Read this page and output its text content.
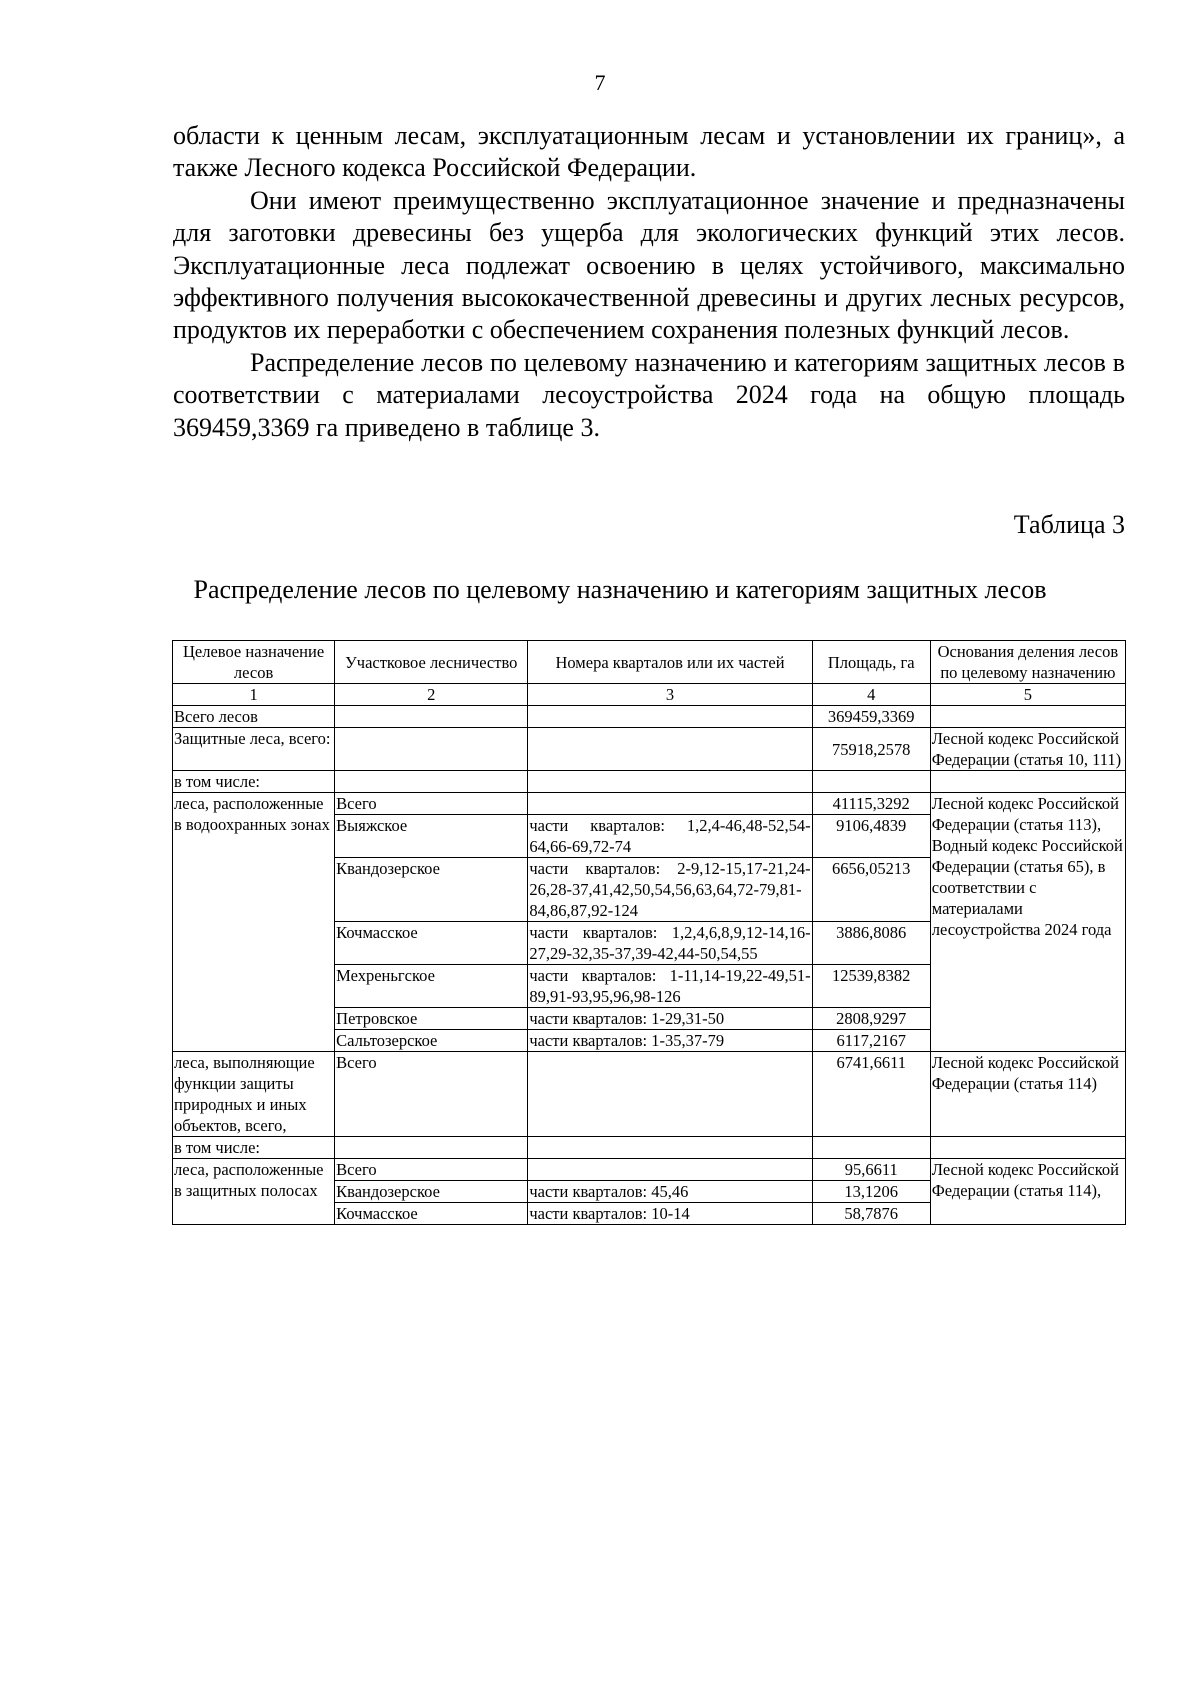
7

области к ценным лесам, эксплуатационным лесам и установлении их границ», а также Лесного кодекса Российской Федерации.

Они имеют преимущественно эксплуатационное значение и предназначены для заготовки древесины без ущерба для экологических функций этих лесов. Эксплуатационные леса подлежат освоению в целях устойчивого, максимально эффективного получения высококачественной древесины и других лесных ресурсов, продуктов их переработки с обеспечением сохранения полезных функций лесов.

Распределение лесов по целевому назначению и категориям защитных лесов в соответствии с материалами лесоустройства 2024 года на общую площадь 369459,3369 га приведено в таблице 3.

Таблица 3
Распределение лесов по целевому назначению и категориям защитных лесов
Целевое назначение лесов	Участковое лесничество	Номера кварталов или их частей	Площадь, га	Основания деления лесов по целевому назначению
1	2	3	4	5
Всего лесов			369459,3369	
Защитные леса, всего:			75918,2578	Лесной кодекс Российской Федерации (статья 10, 111)
в том числе:				
леса, расположенные в водоохранных зонах	Всего		41115,3292	Лесной кодекс Российской Федерации (статья 113), Водный кодекс Российской Федерации (статья 65), в соответствии с материалами лесоустройства 2024 года
	Выяжское	части кварталов: 1,2,4-46,48-52,54-64,66-69,72-74	9106,4839	
	Квандозерское	части кварталов: 2-9,12-15,17-21,24-26,28-37,41,42,50,54,56,63,64,72-79,81-84,86,87,92-124	6656,05213	
	Кочмасское	части кварталов: 1,2,4,6,8,9,12-14,16-27,29-32,35-37,39-42,44-50,54,55	3886,8086	
	Мехреньгское	части кварталов: 1-11,14-19,22-49,51-89,91-93,95,96,98-126	12539,8382	
	Петровское	части кварталов: 1-29,31-50	2808,9297	
	Сальтозерское	части кварталов: 1-35,37-79	6117,2167	
леса, выполняющие функции защиты природных и иных объектов, всего,	Всего		6741,6611	Лесной кодекс Российской Федерации (статья 114)
в том числе:				
леса, расположенные в защитных полосах	Всего		95,6611	Лесной кодекс Российской Федерации (статья 114),
	Квандозерское	части кварталов: 45,46	13,1206	
	Кочмасское	части кварталов: 10-14	58,7876	
